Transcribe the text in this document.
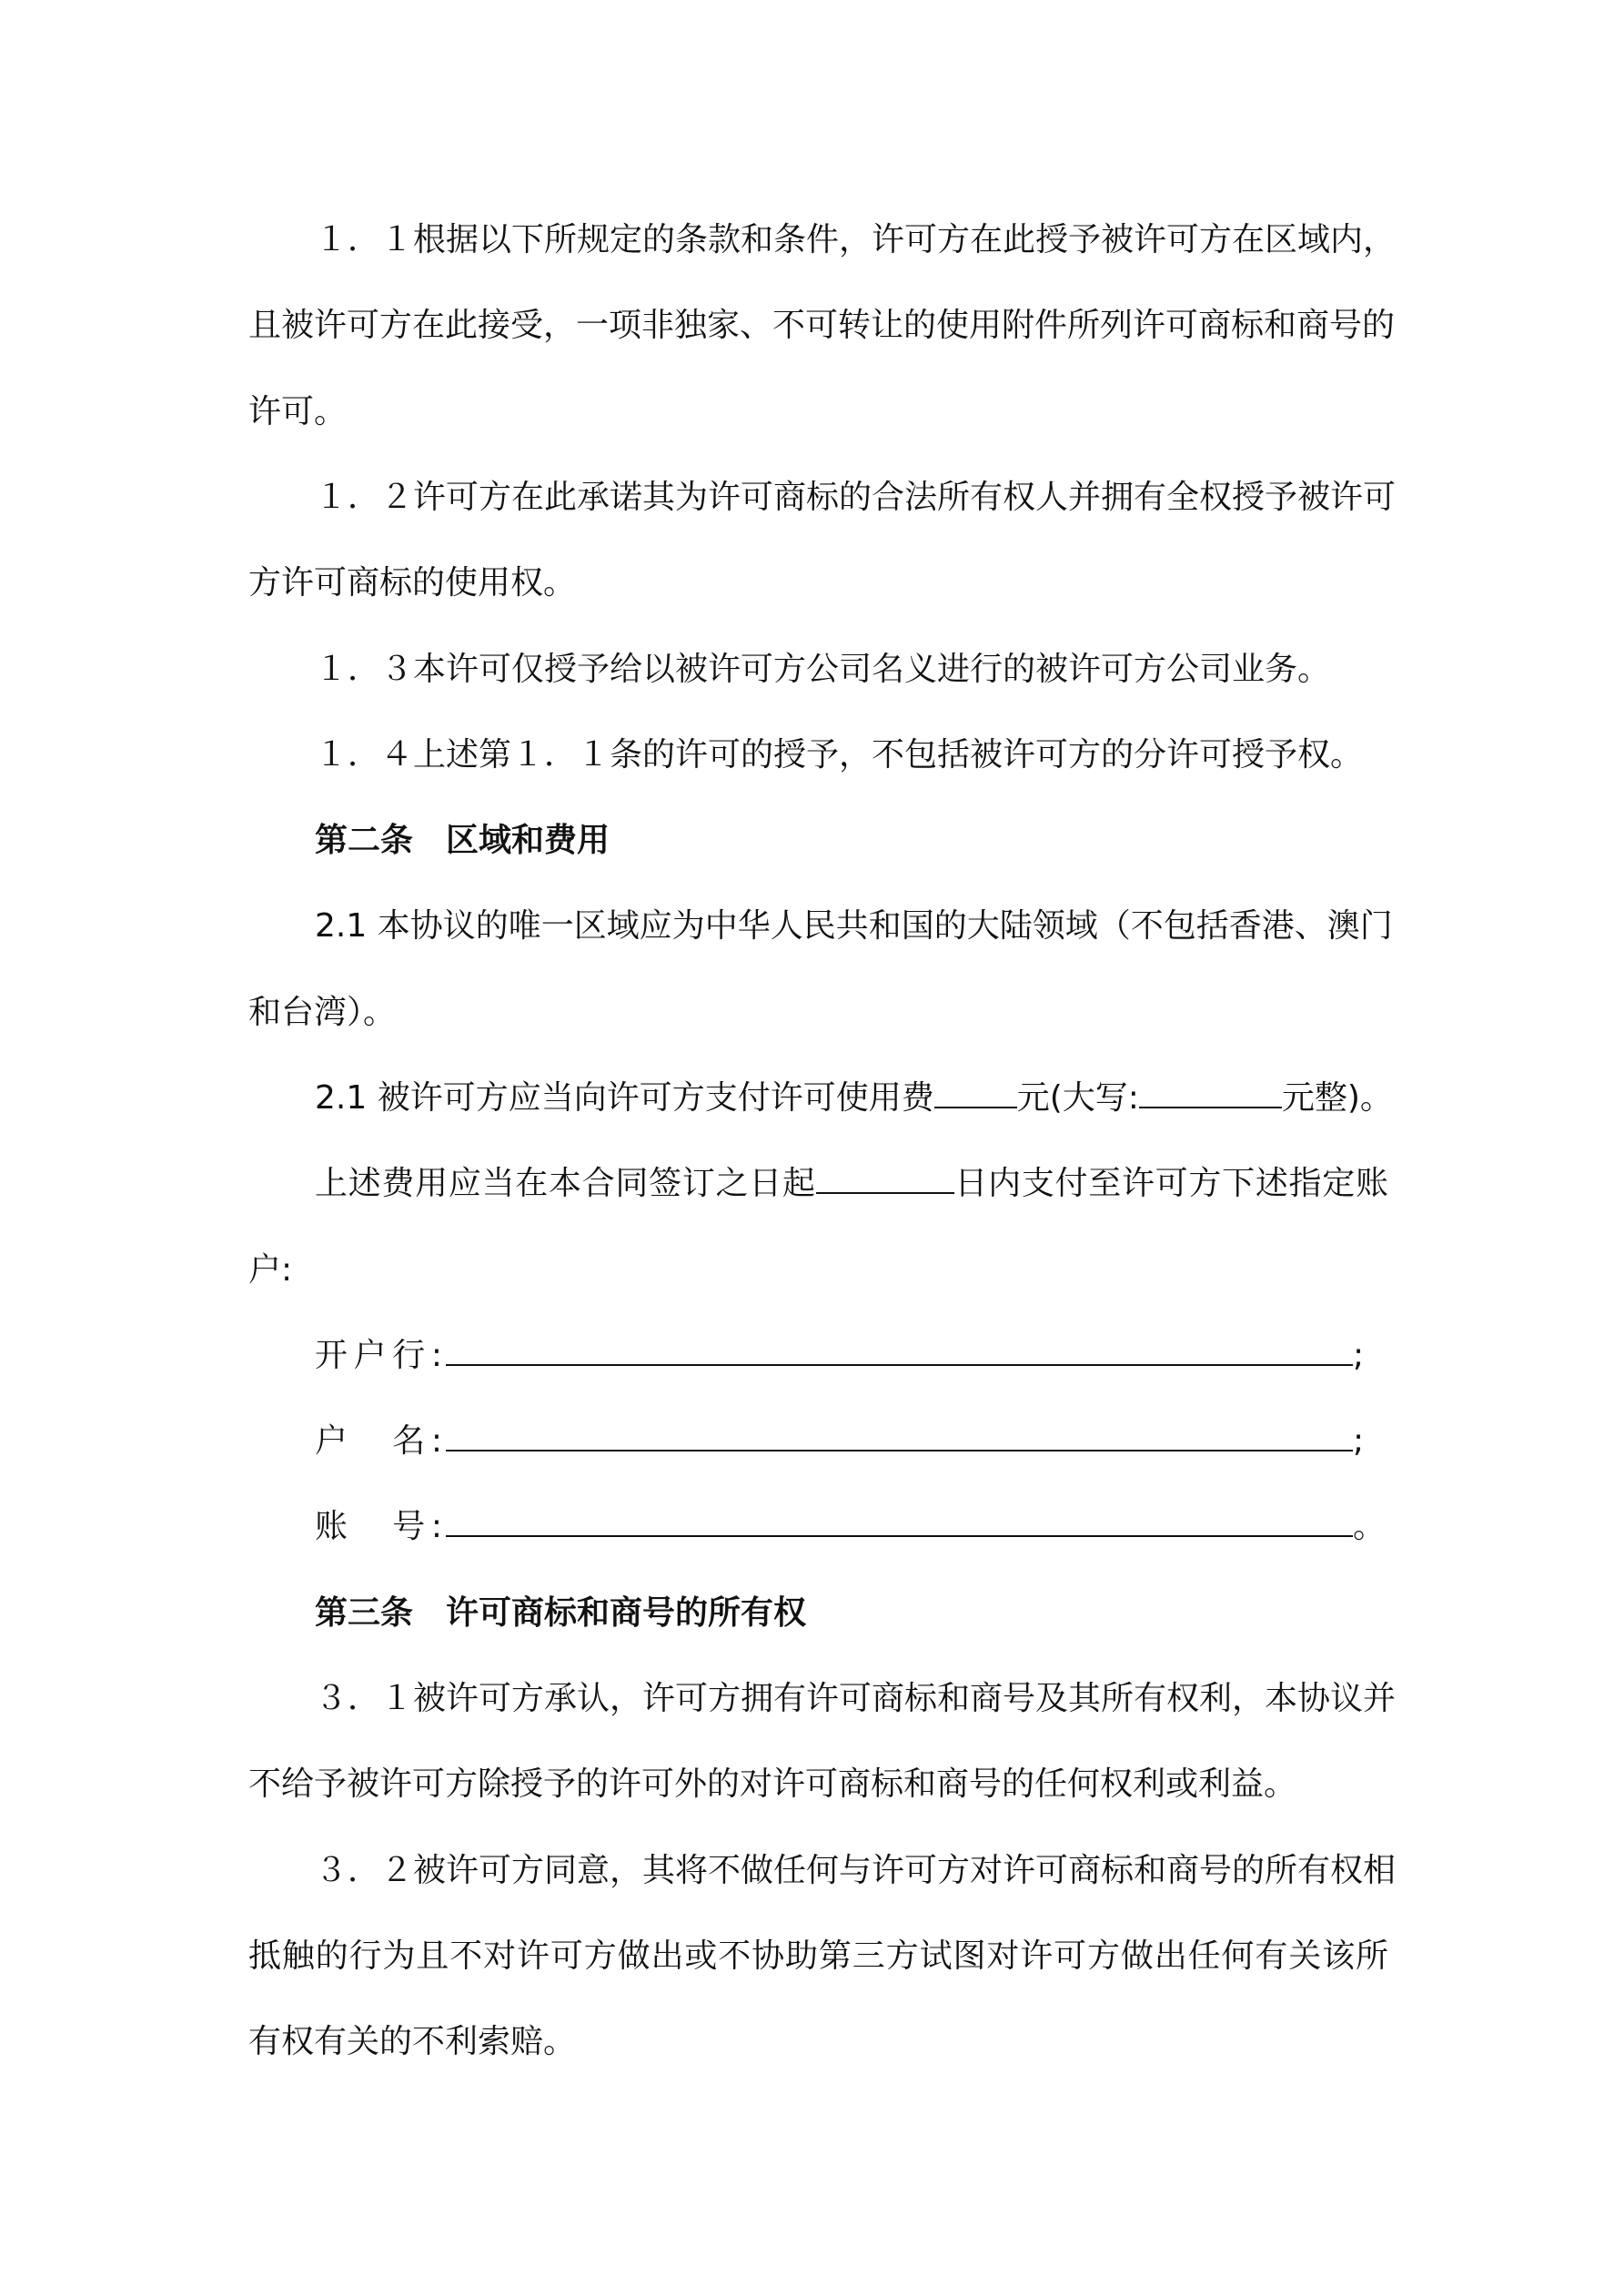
１．１根据以下所规定的条款和条件，许可方在此授予被许可方在区域内，
且被许可方在此接受，一项非独家、不可转让的使用附件所列许可商标和商号的
许可。
１．２许可方在此承诺其为许可商标的合法所有权人并拥有全权授予被许可
方许可商标的使用权。
１．３本许可仅授予给以被许可方公司名义进行的被许可方公司业务。
１．４上述第１．１条的许可的授予，不包括被许可方的分许可授予权。
第二条　区域和费用
2.1 本协议的唯一区域应为中华人民共和国的大陆领域（不包括香港、澳门
和台湾）。
2.1 被许可方应当向许可方支付许可使用费	元(大写:	元整)。
上述费用应当在本合同签订之日起	日内支付至许可方下述指定账
户:
开户行:	;
户　名:	;
账　号:	。
第三条　许可商标和商号的所有权
３．１被许可方承认，许可方拥有许可商标和商号及其所有权利，本协议并
不给予被许可方除授予的许可外的对许可商标和商号的任何权利或利益。
３．２被许可方同意，其将不做任何与许可方对许可商标和商号的所有权相
抵触的行为且不对许可方做出或不协助第三方试图对许可方做出任何有关该所
有权有关的不利索赔。
